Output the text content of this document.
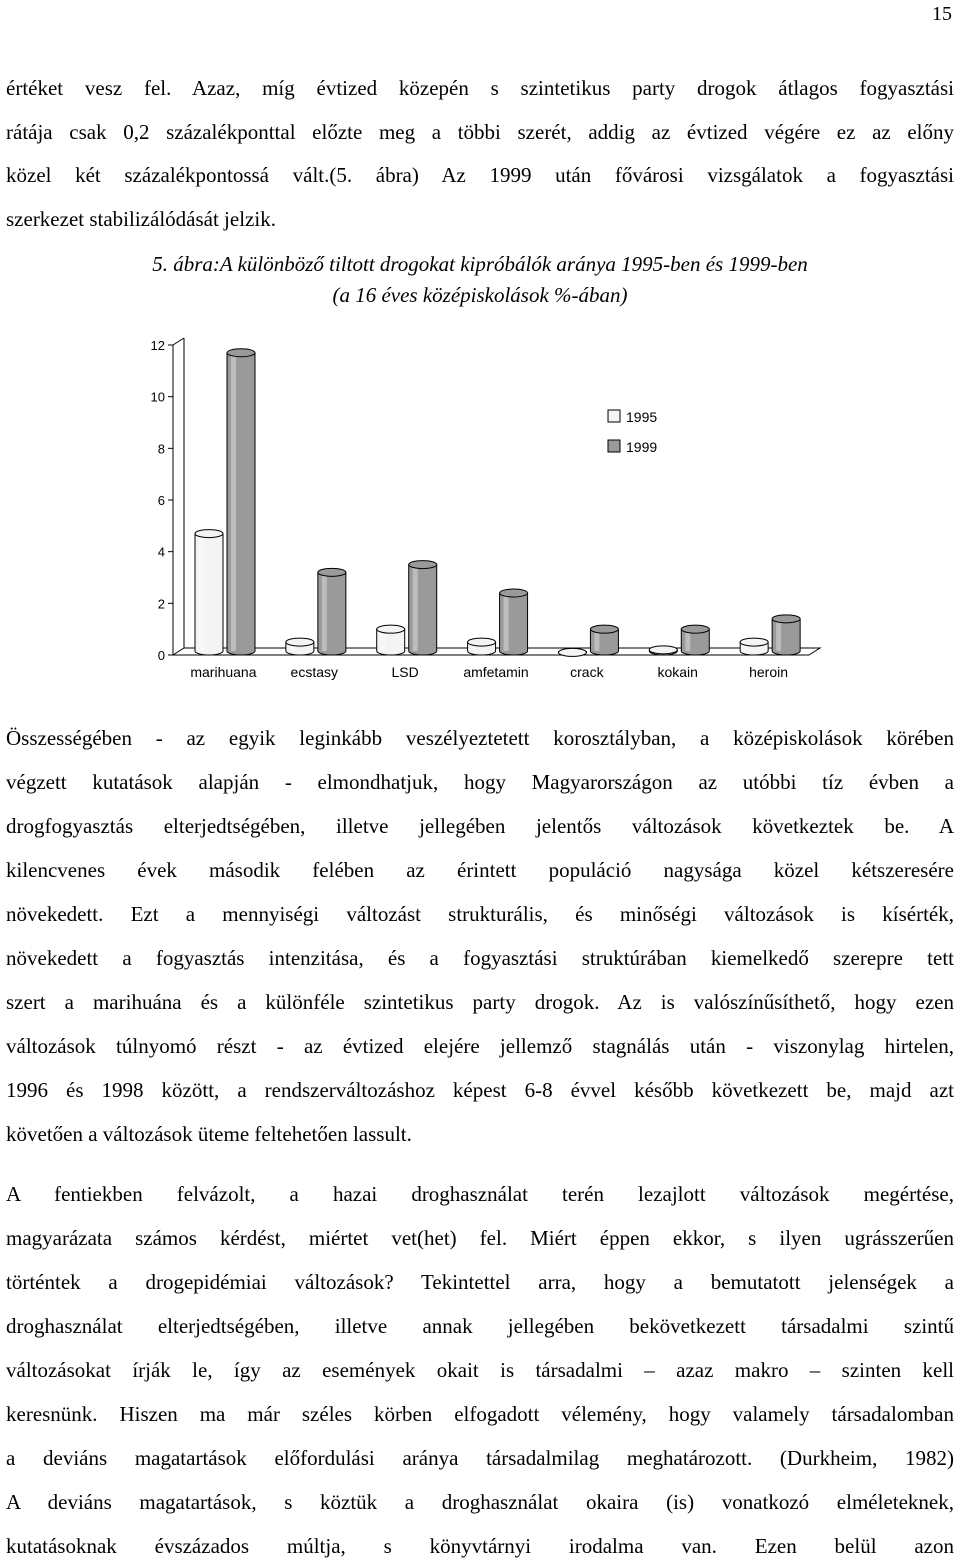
15
értéket vesz fel. Azaz, míg évtized közepén s szintetikus party drogok átlagos fogyasztási
rátája csak 0,2 százalékponttal előzte meg a többi szerét, addig az évtized végére ez az előny
közel két százalékpontossá vált.(5. ábra) Az 1999 után fővárosi vizsgálatok a fogyasztási
szerkezet stabilizálódását jelzik.
5. ábra:A különböző tiltott drogokat kipróbálók aránya 1995-ben és 1999-ben
(a 16 éves középiskolások %-ában)
0
2
4
6
8
10
12
marihuana ecstasy	LSD	amfetamin	crack	kokain	heroin
1995
1999
Összességében - az egyik leginkább veszélyeztetett korosztályban, a középiskolások körében
végzett kutatások alapján - elmondhatjuk, hogy Magyarországon az utóbbi tíz évben a
drogfogyasztás elterjedtségében, illetve jellegében jelentős változások következtek be. A
kilencvenes évek második felében az érintett populáció nagysága közel kétszeresére
növekedett. Ezt a mennyiségi változást strukturális, és minőségi változások is kísérték,
növekedett a fogyasztás intenzitása, és a fogyasztási struktúrában kiemelkedő szerepre tett
szert a marihuána és a különféle szintetikus party drogok. Az is valószínűsíthető, hogy ezen
változások túlnyomó részt - az évtized elejére jellemző stagnálás után - viszonylag hirtelen,
1996 és 1998 között, a rendszerváltozáshoz képest 6-8 évvel később következett be, majd azt
követően a változások üteme feltehetően lassult.
A fentiekben felvázolt, a hazai droghasználat terén lezajlott változások megértése,
magyarázata számos kérdést, miértet vet(het) fel. Miért éppen ekkor, s ilyen ugrásszerűen
történtek a drogepidémiai változások? Tekintettel arra, hogy a bemutatott jelenségek a
droghasználat elterjedtségében, illetve annak jellegében bekövetkezett társadalmi szintű
változásokat írják le, így az események okait is társadalmi – azaz makro – szinten kell
keresnünk. Hiszen ma már széles körben elfogadott vélemény, hogy valamely társadalomban
a deviáns magatartások előfordulási aránya társadalmilag meghatározott. (Durkheim, 1982)
A deviáns magatartások, s köztük a droghasználat okaira (is) vonatkozó elméleteknek,
kutatásoknak évszázados múltja, s könyvtárnyi irodalma van. Ezen belül azon
